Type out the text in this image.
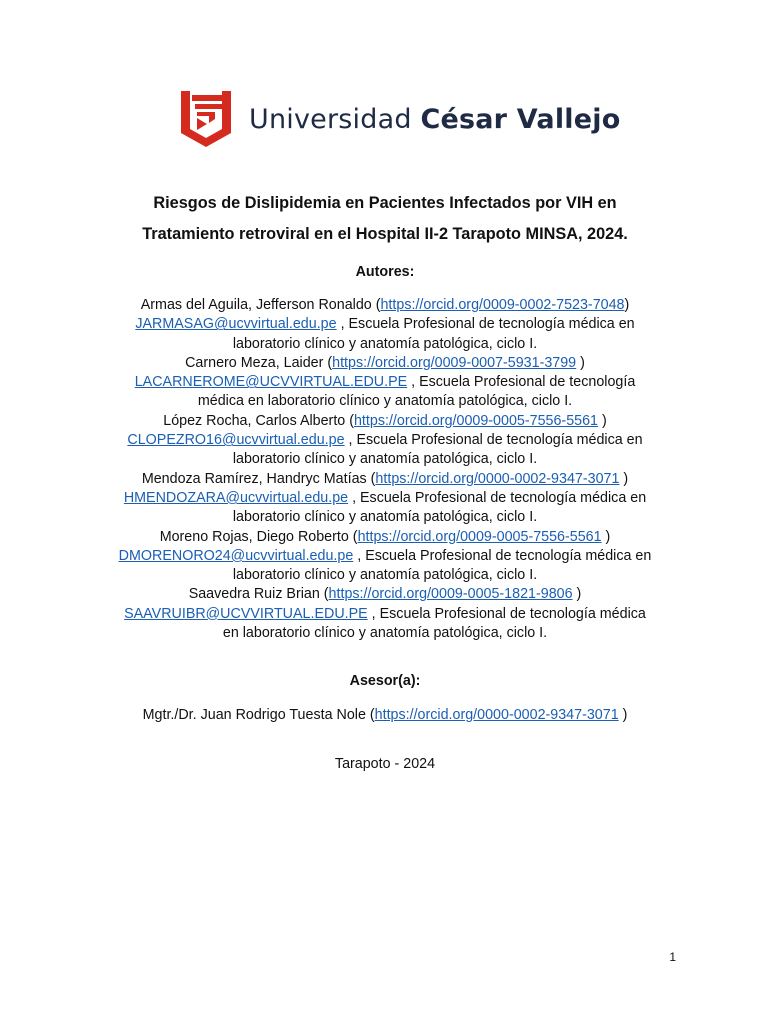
Universidad César Vallejo
Riesgos de Dislipidemia en Pacientes Infectados por VIH en
Tratamiento retroviral en el Hospital II-2 Tarapoto MINSA, 2024.
Autores:

Armas del Aguila, Jefferson Ronaldo (https://orcid.org/0009-0002-7523-7048)

JARMASAG@ucvvirtual.edu.pe , Escuela Profesional de tecnología médica en

laboratorio clínico y anatomía patológica, ciclo I.

Carnero Meza, Laider (https://orcid.org/0009-0007-5931-3799 )

LACARNEROME@UCVVIRTUAL.EDU.PE , Escuela Profesional de tecnología

médica en laboratorio clínico y anatomía patológica, ciclo I.

López Rocha, Carlos Alberto (https://orcid.org/0009-0005-7556-5561 )

CLOPEZRO16@ucvvirtual.edu.pe , Escuela Profesional de tecnología médica en

laboratorio clínico y anatomía patológica, ciclo I.

Mendoza Ramírez, Handryc Matías (https://orcid.org/0000-0002-9347-3071 )

HMENDOZARA@ucvvirtual.edu.pe , Escuela Profesional de tecnología médica en

laboratorio clínico y anatomía patológica, ciclo I.

Moreno Rojas, Diego Roberto (https://orcid.org/0009-0005-7556-5561 )

DMORENORO24@ucvvirtual.edu.pe , Escuela Profesional de tecnología médica en

laboratorio clínico y anatomía patológica, ciclo I.

Saavedra Ruiz Brian (https://orcid.org/0009-0005-1821-9806 )

SAAVRUIBR@UCVVIRTUAL.EDU.PE , Escuela Profesional de tecnología médica

en laboratorio clínico y anatomía patológica, ciclo I.

Asesor(a):
Mgtr./Dr. Juan Rodrigo Tuesta Nole (https://orcid.org/0000-0002-9347-3071 )
Tarapoto - 2024
1
